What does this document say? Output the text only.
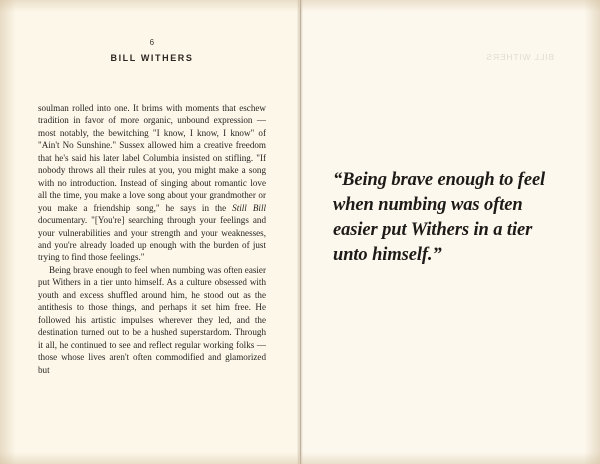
BILL WITHERS
6
BILL WITHERS

soulman rolled into one. It brims with moments that eschew tradition in favor of more organic, unbound expression — most notably, the bewitching "I know, I know, I know" of "Ain't No Sunshine." Sussex allowed him a creative freedom that he's said his later label Columbia insisted on stifling. "If nobody throws all their rules at you, you might make a song with no introduction. Instead of singing about romantic love all the time, you make a love song about your grandmother or you make a friendship song," he says in the Still Bill documentary. "[You're] searching through your feelings and your vulnerabilities and your strength and your weaknesses, and you're already loaded up enough with the burden of just trying to find those feelings."

Being brave enough to feel when numbing was often easier put Withers in a tier unto himself. As a culture obsessed with youth and excess shuffled around him, he stood out as the antithesis to those things, and perhaps it set him free. He followed his artistic impulses wherever they led, and the destination turned out to be a hushed superstardom. Through it all, he continued to see and reflect regular working folks — those whose lives aren't often commodified and glamorized but

“Being brave enough to feel when numbing was often easier put Withers in a tier unto himself.”
